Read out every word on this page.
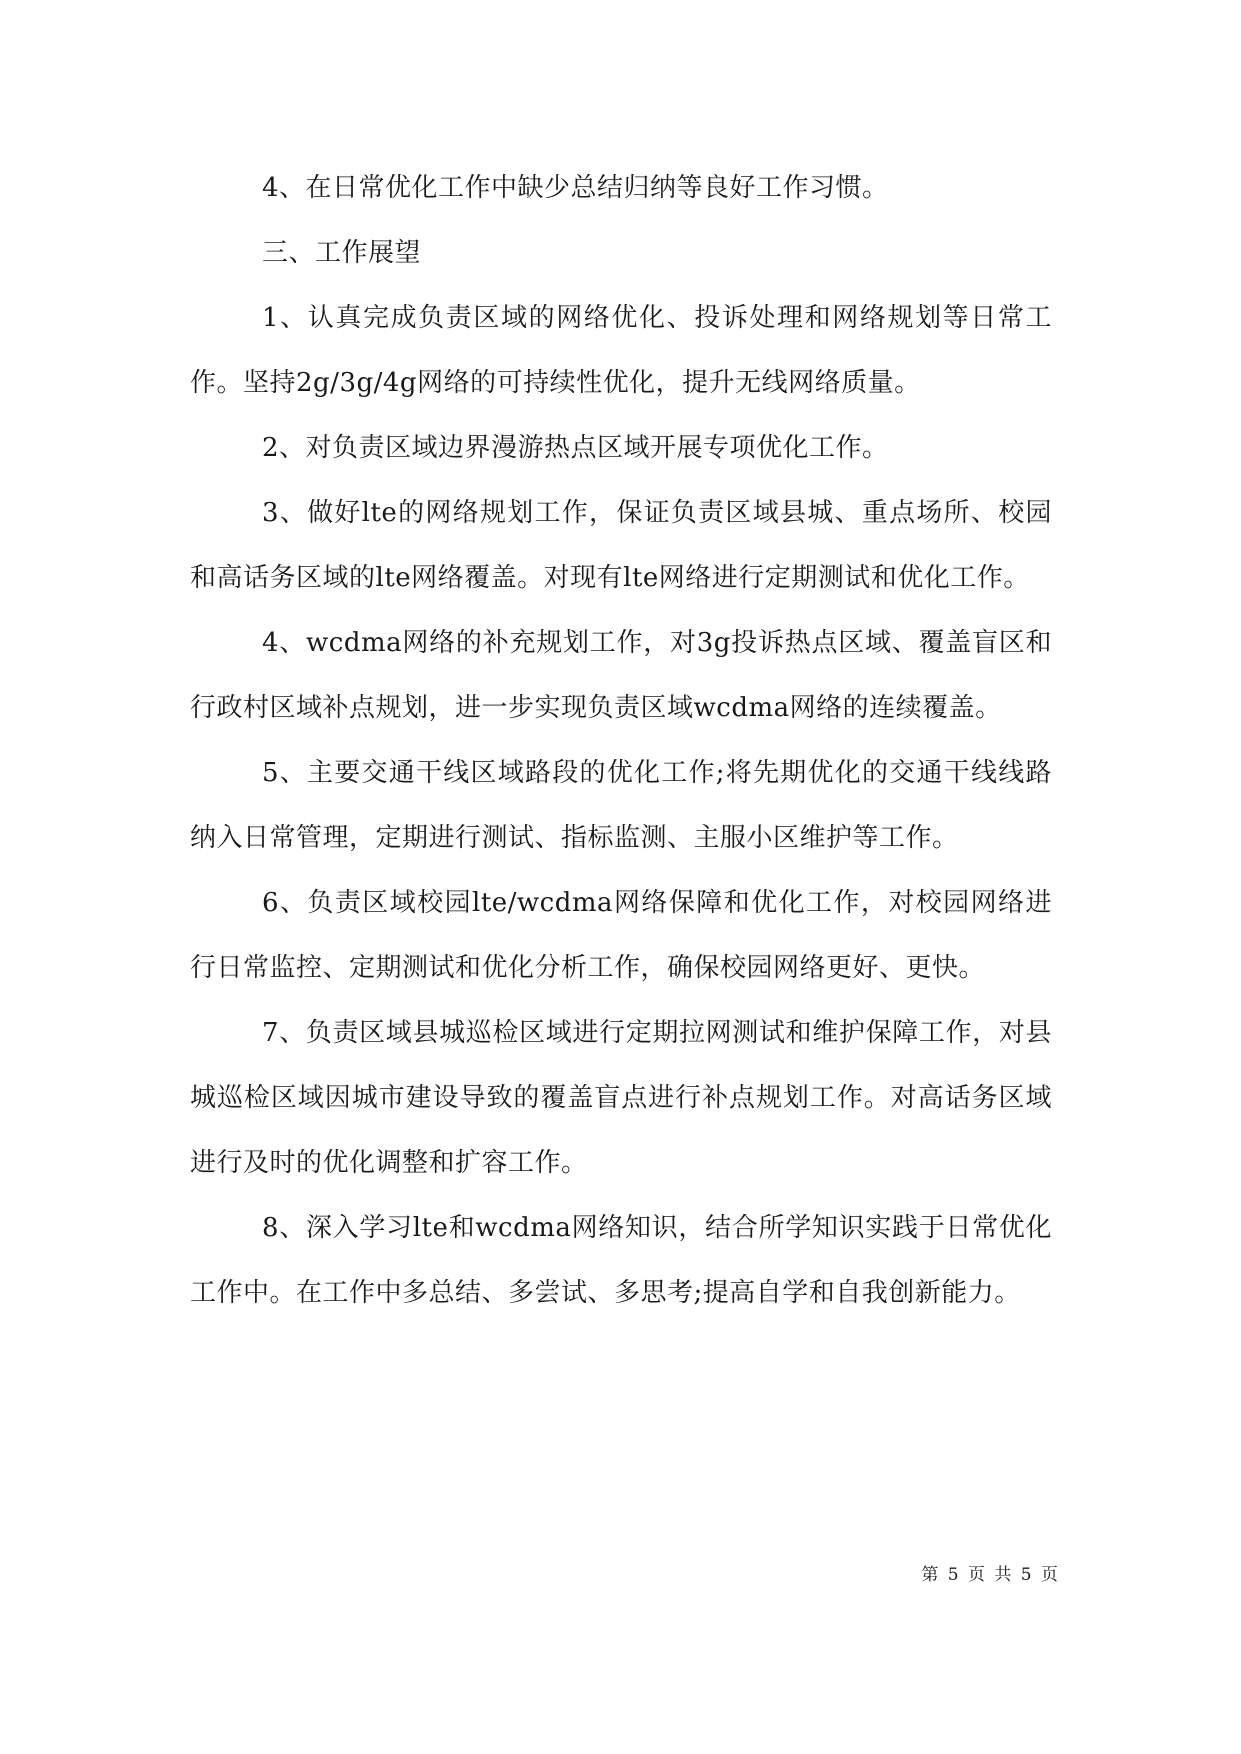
4、在日常优化工作中缺少总结归纳等良好工作习惯。

三、工作展望

1、认真完成负责区域的网络优化、投诉处理和网络规划等日常工作。坚持2g/3g/4g网络的可持续性优化，提升无线网络质量。

2、对负责区域边界漫游热点区域开展专项优化工作。

3、做好lte的网络规划工作，保证负责区域县城、重点场所、校园和高话务区域的lte网络覆盖。对现有lte网络进行定期测试和优化工作。

4、wcdma网络的补充规划工作，对3g投诉热点区域、覆盖盲区和行政村区域补点规划，进一步实现负责区域wcdma网络的连续覆盖。

5、主要交通干线区域路段的优化工作;将先期优化的交通干线线路纳入日常管理，定期进行测试、指标监测、主服小区维护等工作。

6、负责区域校园lte/wcdma网络保障和优化工作，对校园网络进行日常监控、定期测试和优化分析工作，确保校园网络更好、更快。

7、负责区域县城巡检区域进行定期拉网测试和维护保障工作，对县城巡检区域因城市建设导致的覆盖盲点进行补点规划工作。对高话务区域进行及时的优化调整和扩容工作。

8、深入学习lte和wcdma网络知识，结合所学知识实践于日常优化工作中。在工作中多总结、多尝试、多思考;提高自学和自我创新能力。

第 5 页 共 5 页
